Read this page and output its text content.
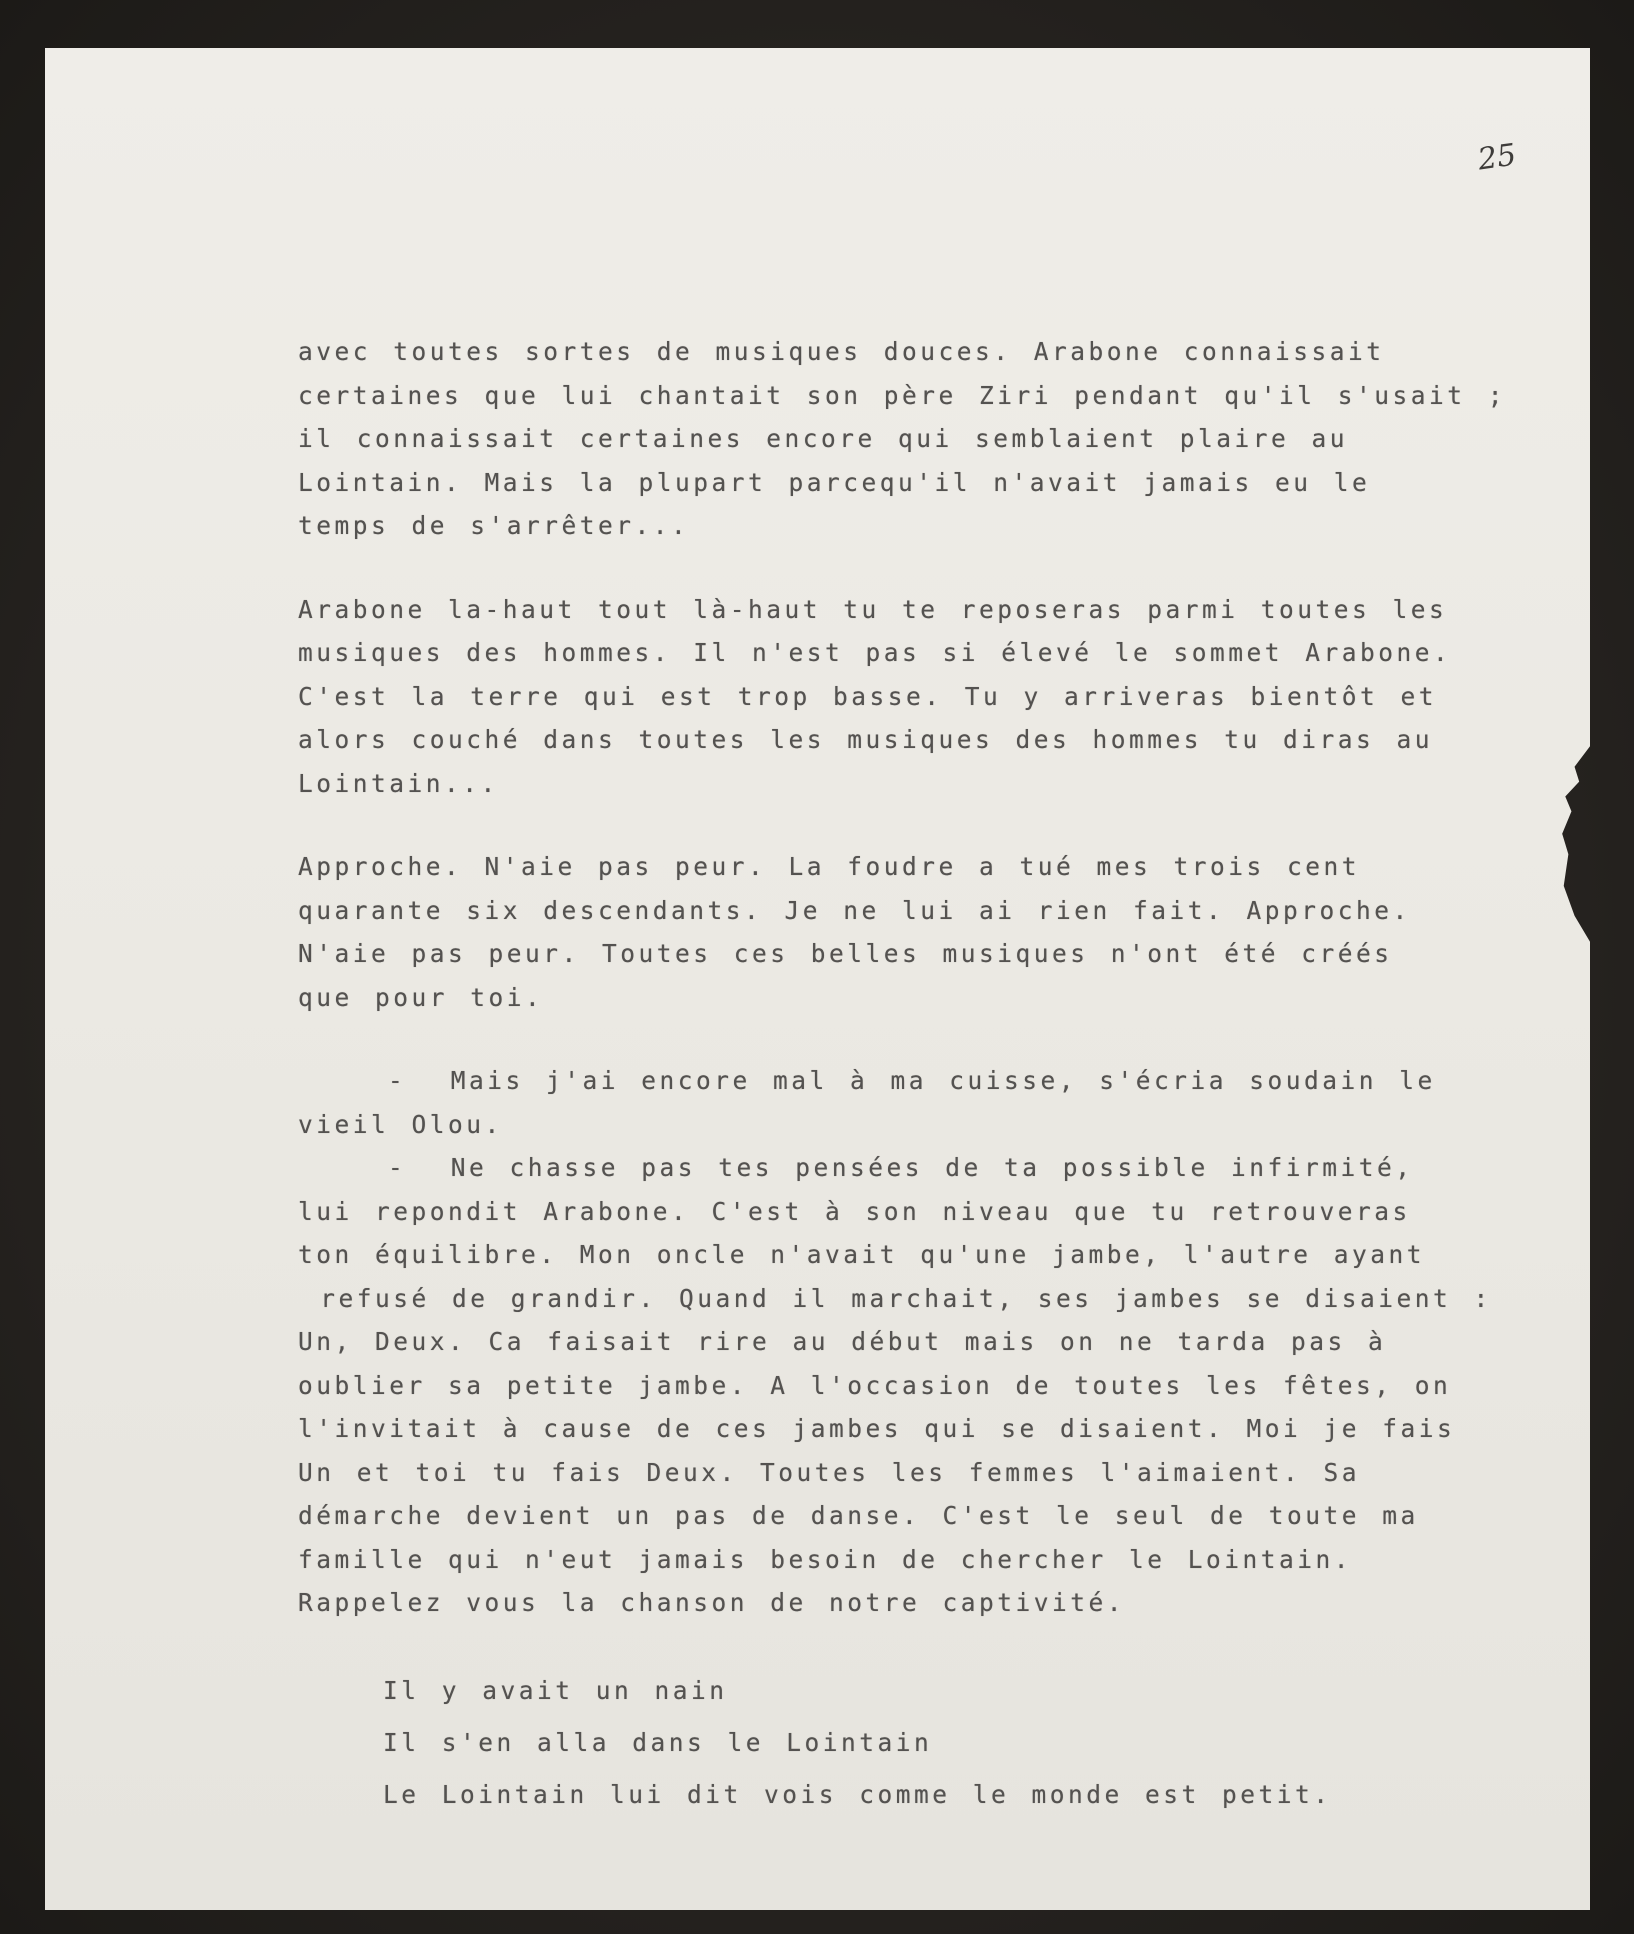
25
avec toutes sortes de musiques douces. Arabone connaissait
certaines que lui chantait son père Ziri pendant qu'il s'usait ;
il connaissait certaines encore qui semblaient plaire au
Lointain. Mais la plupart parcequ'il n'avait jamais eu le
temps de s'arrêter...
Arabone la-haut tout là-haut tu te reposeras parmi toutes les
musiques des hommes. Il n'est pas si élevé le sommet Arabone.
C'est la terre qui est trop basse. Tu y arriveras bientôt et
alors couché dans toutes les musiques des hommes tu diras au
Lointain...
Approche. N'aie pas peur. La foudre a tué mes trois cent
quarante six descendants. Je ne lui ai rien fait. Approche.
N'aie pas peur. Toutes ces belles musiques n'ont été créés
que pour toi.
-  Mais j'ai encore mal à ma cuisse, s'écria soudain le
vieil Olou.
-  Ne chasse pas tes pensées de ta possible infirmité,
lui repondit Arabone. C'est à son niveau que tu retrouveras
ton équilibre. Mon oncle n'avait qu'une jambe, l'autre ayant
refusé de grandir. Quand il marchait, ses jambes se disaient :
Un, Deux. Ca faisait rire au début mais on ne tarda pas à
oublier sa petite jambe. A l'occasion de toutes les fêtes, on
l'invitait à cause de ces jambes qui se disaient. Moi je fais
Un et toi tu fais Deux. Toutes les femmes l'aimaient. Sa
démarche devient un pas de danse. C'est le seul de toute ma
famille qui n'eut jamais besoin de chercher le Lointain.
Rappelez vous la chanson de notre captivité.
Il y avait un nain
Il s'en alla dans le Lointain
Le Lointain lui dit vois comme le monde est petit.
